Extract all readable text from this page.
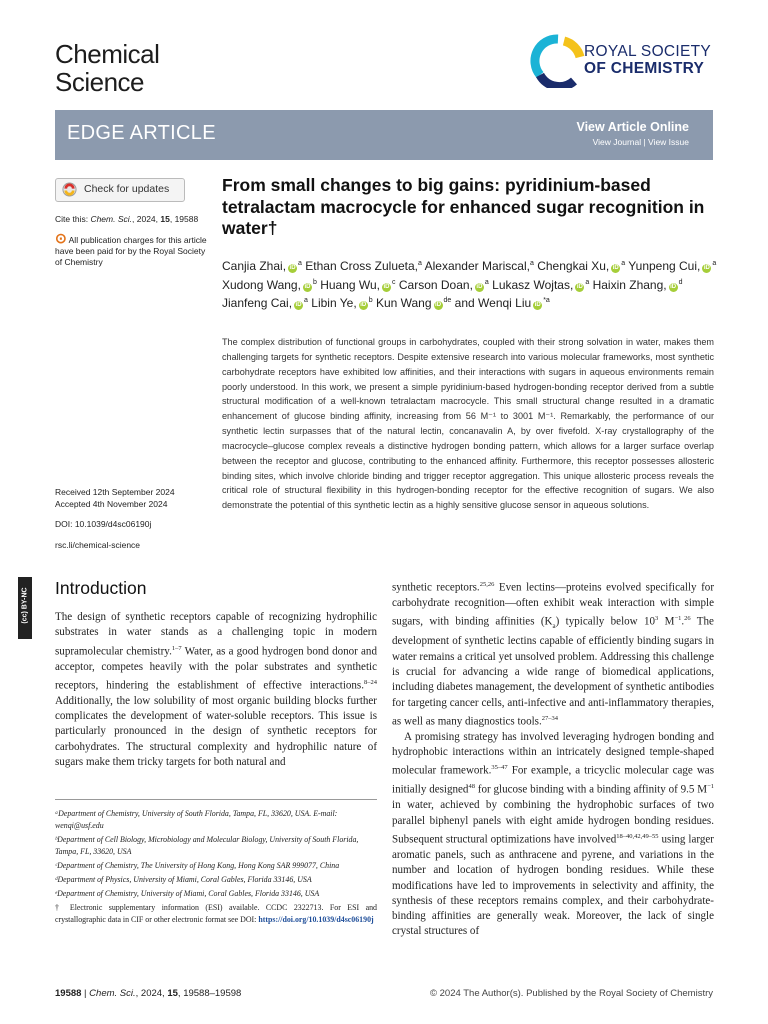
Chemical
Science
ROYAL SOCIETY
OF CHEMISTRY
EDGE ARTICLE	View Article Online
View Journal | View Issue
Check for updates
Cite this: Chem. Sci., 2024, 15, 19588
⊙ All publication charges for this article
have been paid for by the Royal Society
of Chemistry
Received 12th September 2024
Accepted 4th November 2024
DOI: 10.1039/d4sc06190j
rsc.li/chemical-science
From small changes to big gains: pyridinium-based tetralactam macrocycle for enhanced sugar recognition in water†
Canjia Zhai, $iD^a$ Ethan Cross Zulueta,$^a$ Alexander Mariscal,$^a$ Chengkai Xu, $iD^a$ Yunpeng Cui, $iD^a$ Xudong Wang, $iD^b$ Huang Wu, $iD^c$ Carson Doan, $iD^a$ Lukasz Wojtas, $iD^a$ Haixin Zhang, $iD^d$ Jianfeng Cai, $iD^a$ Libin Ye, $iD^b$ Kun Wang $iD^{de}$ and Wenqi Liu $iD^{*a}$
The complex distribution of functional groups in carbohydrates, coupled with their strong solvation in water, makes them challenging targets for synthetic receptors. Despite extensive research into various molecular frameworks, most synthetic carbohydrate receptors have exhibited low affinities, and their interactions with sugars in aqueous environments remain poorly understood. In this work, we present a simple pyridinium-based hydrogen-bonding receptor derived from a subtle structural modification of a well-known tetralactam macrocycle. This small structural change resulted in a dramatic enhancement of glucose binding affinity, increasing from 56 M⁻¹ to 3001 M⁻¹. Remarkably, the performance of our synthetic lectin surpasses that of the natural lectin, concanavalin A, by over fivefold. X-ray crystallography of the macrocycle–glucose complex reveals a distinctive hydrogen bonding pattern, which allows for a larger surface overlap between the receptor and glucose, contributing to the enhanced affinity. Furthermore, this receptor possesses allosteric binding sites, which involve chloride binding and trigger receptor aggregation. This unique allosteric process reveals the critical role of structural flexibility in this hydrogen-bonding receptor for the effective recognition of sugars. We also demonstrate the potential of this synthetic lectin as a highly sensitive glucose sensor in aqueous solutions.
(cc) BY-NC Introduction

The design of synthetic receptors capable of recognizing hydrophilic substrates in water stands as a challenging topic in modern supramolecular chemistry.$^{1-7}$ Water, as a good hydrogen bond donor and acceptor, competes heavily with the polar substrates and synthetic receptors, hindering the establishment of effective interactions.$^{8-24}$ Additionally, the low solubility of most organic building blocks further complicates the development of water-soluble receptors. This issue is particularly pronounced in the design of synthetic receptors for carbohydrates. The structural complexity and hydrophilic nature of sugars make them tricky targets for both natural and

ᵃDepartment of Chemistry, University of South Florida, Tampa, FL, 33620, USA. E-mail: wenqi@usf.edu

ᵇDepartment of Cell Biology, Microbiology and Molecular Biology, University of South Florida, Tampa, FL, 33620, USA

ᶜDepartment of Chemistry, The University of Hong Kong, Hong Kong SAR 999077, China

ᵈDepartment of Physics, University of Miami, Coral Gables, Florida 33146, USA

ᵉDepartment of Chemistry, University of Miami, Coral Gables, Florida 33146, USA

† Electronic supplementary information (ESI) available. CCDC 2322713. For ESI and crystallographic data in CIF or other electronic format see DOI: https://doi.org/10.1039/d4sc06190j

synthetic receptors.$^{25,26}$ Even lectins—proteins evolved specifically for carbohydrate recognition—often exhibit weak interaction with simple sugars, with binding affinities $(K_a)$ typically below $10^3$ $M^{-1}.^{26}$ The development of synthetic lectins capable of efficiently binding sugars in water remains a critical yet unsolved problem. Addressing this challenge is crucial for advancing a wide range of biomedical applications, including diabetes management, the development of synthetic antibodies for targeting cancer cells, anti-infective and anti-inflammatory therapies, as well as many diagnostics tools.$^{27-34}$

A promising strategy has involved leveraging hydrogen bonding and hydrophobic interactions within an intricately designed temple-shaped molecular framework.$^{35-47}$ For example, a tricyclic molecular cage was initially designed$^{48}$ for glucose binding with a binding affinity of 9.5 $M^{-1}$ in water, achieved by combining the hydrophobic surfaces of two parallel biphenyl panels with eight amide hydrogen bonding residues. Subsequent structural optimizations have involved$^{18-40,42,49-55}$ using larger aromatic panels, such as anthracene and pyrene, and variations in the number and location of hydrogen bonding residues. While these modifications have led to improvements in selectivity and affinity, the synthesis of these receptors remains complex, and their carbohydrate-binding affinities are generally weak. Moreover, the lack of single crystal structures of

19588 | Chem. Sci., 2024, 15, 19588–19598	© 2024 The Author(s). Published by the Royal Society of Chemistry
